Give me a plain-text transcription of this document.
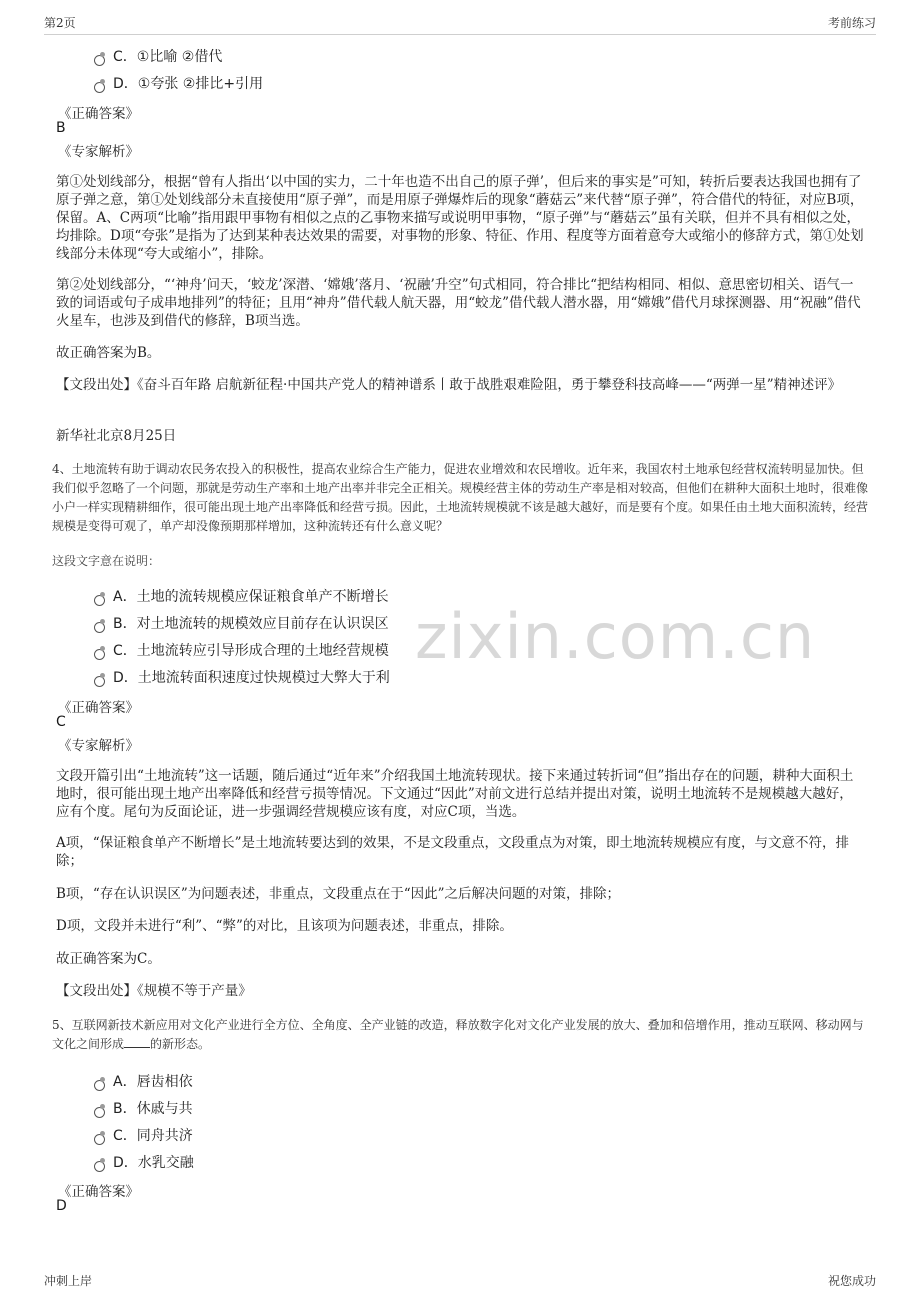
第2页	考前练习
zixin.com.cn
C．①比喻 ②借代
D．①夸张 ②排比+引用
《正确答案》
B
《专家解析》
第①处划线部分，根据“曾有人指出‘以中国的实力，二十年也造不出自己的原子弹’，但后来的事实是”可知，转折后要表达我国也拥有了原子弹之意，第①处划线部分未直接使用“原子弹”，而是用原子弹爆炸后的现象“蘑菇云”来代替“原子弹”，符合借代的特征，对应B项，保留。A、C两项“比喻”指用跟甲事物有相似之点的乙事物来描写或说明甲事物，“原子弹”与“蘑菇云”虽有关联，但并不具有相似之处，均排除。D项“夸张”是指为了达到某种表达效果的需要，对事物的形象、特征、作用、程度等方面着意夸大或缩小的修辞方式，第①处划线部分未体现“夸大或缩小”，排除。
第②处划线部分，“‘神舟’问天，‘蛟龙’深潜、‘嫦娥’落月、‘祝融’升空”句式相同，符合排比“把结构相同、相似、意思密切相关、语气一致的词语或句子成串地排列”的特征；且用“神舟”借代载人航天器，用“蛟龙”借代载人潜水器，用“嫦娥”借代月球探测器、用“祝融”借代火星车，也涉及到借代的修辞，B项当选。
故正确答案为B。
【文段出处】《奋斗百年路 启航新征程·中国共产党人的精神谱系丨敢于战胜艰难险阻，勇于攀登科技高峰——“两弹一星”精神述评》
新华社北京8月25日
4、土地流转有助于调动农民务农投入的积极性，提高农业综合生产能力，促进农业增效和农民增收。近年来，我国农村土地承包经营权流转明显加快。但我们似乎忽略了一个问题，那就是劳动生产率和土地产出率并非完全正相关。规模经营主体的劳动生产率是相对较高，但他们在耕种大面积土地时，很难像小户一样实现精耕细作，很可能出现土地产出率降低和经营亏损。因此，土地流转规模就不该是越大越好，而是要有个度。如果任由土地大面积流转，经营规模是变得可观了，单产却没像预期那样增加，这种流转还有什么意义呢？
这段文字意在说明：
A．土地的流转规模应保证粮食单产不断增长
B．对土地流转的规模效应目前存在认识误区
C．土地流转应引导形成合理的土地经营规模
D．土地流转面积速度过快规模过大弊大于利
《正确答案》
C
《专家解析》
文段开篇引出“土地流转”这一话题，随后通过“近年来”介绍我国土地流转现状。接下来通过转折词“但”指出存在的问题，耕种大面积土地时，很可能出现土地产出率降低和经营亏损等情况。下文通过“因此”对前文进行总结并提出对策，说明土地流转不是规模越大越好，应有个度。尾句为反面论证，进一步强调经营规模应该有度，对应C项，当选。
A项，“保证粮食单产不断增长”是土地流转要达到的效果，不是文段重点，文段重点为对策，即土地流转规模应有度，与文意不符，排除；
B项，“存在认识误区”为问题表述，非重点，文段重点在于“因此”之后解决问题的对策，排除；
D项，文段并未进行“利”、“弊”的对比，且该项为问题表述，非重点，排除。
故正确答案为C。
【文段出处】《规模不等于产量》
5、互联网新技术新应用对文化产业进行全方位、全角度、全产业链的改造，释放数字化对文化产业发展的放大、叠加和倍增作用，推动互联网、移动网与文化之间形成 的新形态。
A．唇齿相依
B．休戚与共
C．同舟共济
D．水乳交融
《正确答案》
D
冲刺上岸	祝您成功
